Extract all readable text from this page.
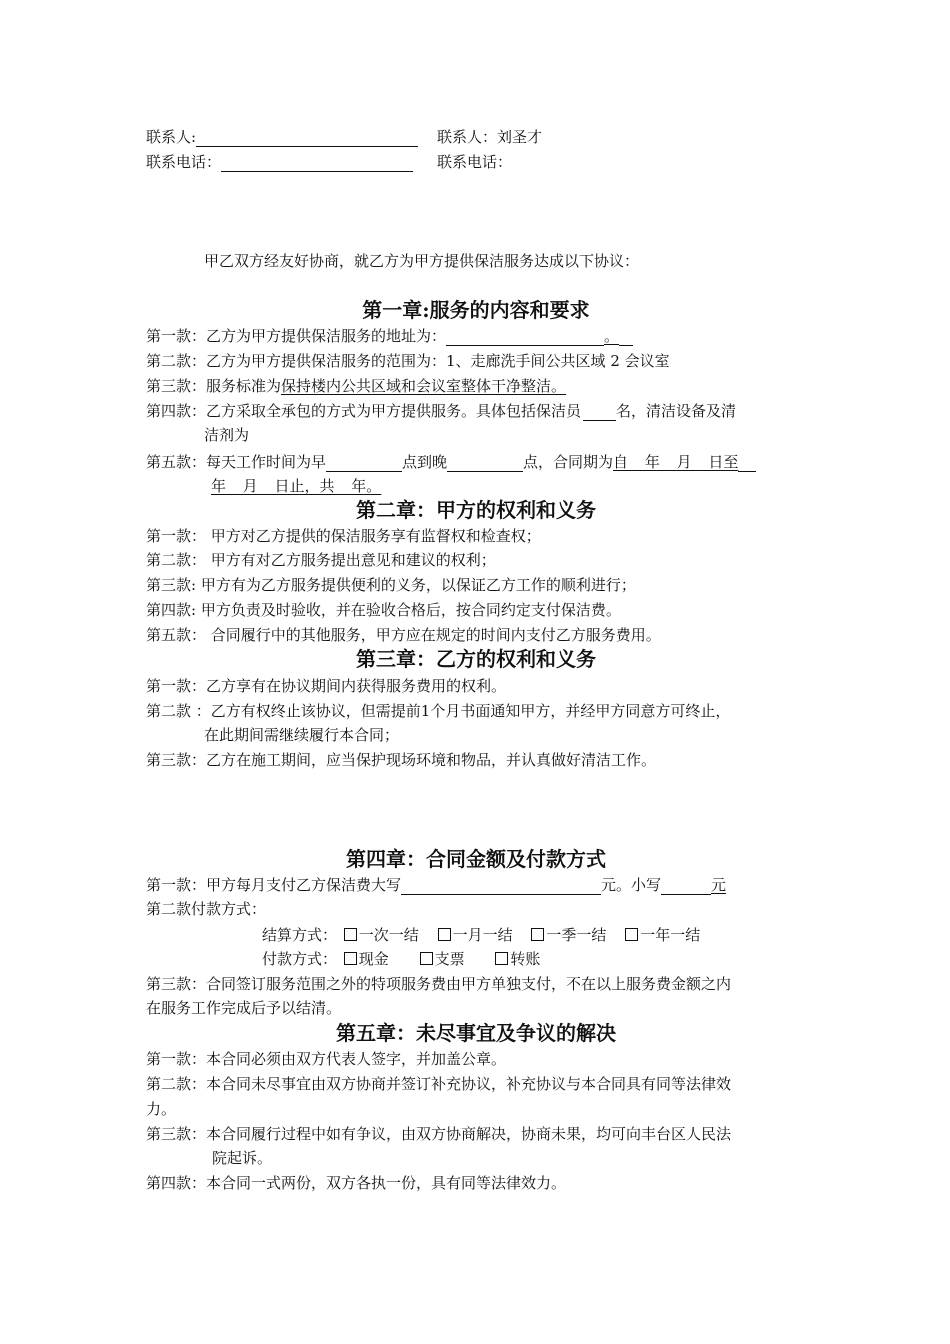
联系人:	联系人：刘圣才
联系电话：	联系电话：
甲乙双方经友好协商，就乙方为甲方提供保洁服务达成以下协议：
第一章:服务的内容和要求
第一款：乙方为甲方提供保洁服务的地址为：	。
第二款：乙方为甲方提供保洁服务的范围为：1、走廊洗手间公共区域 2 会议室
第三款：服务标准为保持楼内公共区域和会议室整体干净整洁。
第四款：乙方采取全承包的方式为甲方提供服务。具体包括保洁员 名，清洁设备及清
洁剂为
第五款：每天工作时间为早	点到晚	点，合同期为自 年 月 日至
年 月 日止，共 年。
第二章：甲方的权利和义务
第一款： 甲方对乙方提供的保洁服务享有监督权和检查权；
第二款： 甲方有对乙方服务提出意见和建议的权利；
第三款: 甲方有为乙方服务提供便利的义务，以保证乙方工作的顺利进行；
第四款: 甲方负责及时验收，并在验收合格后，按合同约定支付保洁费。
第五款： 合同履行中的其他服务，甲方应在规定的时间内支付乙方服务费用。
第三章：乙方的权利和义务
第一款：乙方享有在协议期间内获得服务费用的权利。
第二款 ：乙方有权终止该协议，但需提前1个月书面通知甲方，并经甲方同意方可终止，
在此期间需继续履行本合同；
第三款：乙方在施工期间，应当保护现场环境和物品，并认真做好清洁工作。
第四章：合同金额及付款方式
第一款：甲方每月支付乙方保洁费大写	元。小写	元
第二款付款方式：
结算方式： 一次一结 一月一结 一季一结 一年一结
付款方式： 现金	支票	转账
第三款：合同签订服务范围之外的特项服务费由甲方单独支付，不在以上服务费金额之内
在服务工作完成后予以结清。
第五章：未尽事宜及争议的解决
第一款：本合同必须由双方代表人签字，并加盖公章。
第二款：本合同未尽事宜由双方协商并签订补充协议，补充协议与本合同具有同等法律效
力。
第三款：本合同履行过程中如有争议，由双方协商解决，协商未果，均可向丰台区人民法
院起诉。
第四款：本合同一式两份，双方各执一份，具有同等法律效力。
